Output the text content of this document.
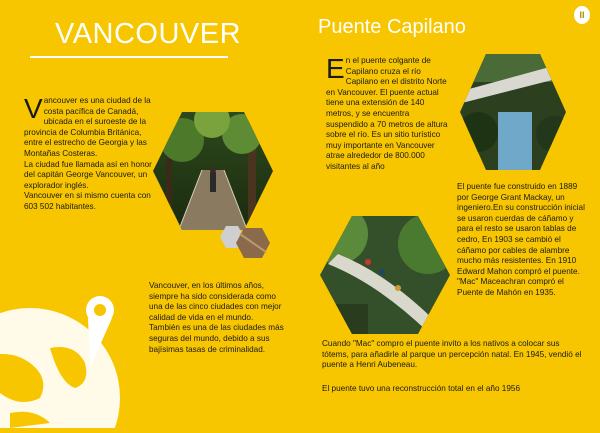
VANCOUVER
V ancouver es una ciudad de la costa pacífica de Canadá, ubicada en el suroeste de la provincia de Columbia Británica, entre el estrecho de Georgia y las Montañas Costeras.
La ciudad fue llamada así en honor del capitán George Vancouver, un explorador inglés.
Vancouver en si mismo cuenta con 603 502 habitantes.
Vancouver, en los últimos años, siempre ha sido considerada como una de las cinco ciudades con mejor calidad de vida en el mundo.
También es una de las ciudades más seguras del mundo, debido a sus bajísimas tasas de criminalidad.
Puente Capilano
II
E n el puente colgante de Capilano cruza el río Capilano en el distrito Norte en Vancouver. El puente actual tiene una extensión de 140 metros, y se encuentra suspendido a 70 metros de altura sobre el río. Es un sitio turístico muy importante en Vancouver atrae alrededor de 800.000 visitantes al año
El puente fue construido en 1889 por George Grant Mackay, un ingeniero.En su construcción inicial se usaron cuerdas de cáñamo y para el resto se usaron tablas de cedro, En 1903 se cambió el cáñamo por cables de alambre mucho más resistentes. En 1910 Edward Mahon compró el puente. "Mac" Maceachran compró el Puente de Mahón en 1935.
Cuando "Mac" compro el puente invito a los nativos a colocar sus tótems, para añadirle al parque un percepción natal. En 1945, vendió el puente a Henri Aubeneau.
El puente tuvo una reconstrucción total en el año 1956
